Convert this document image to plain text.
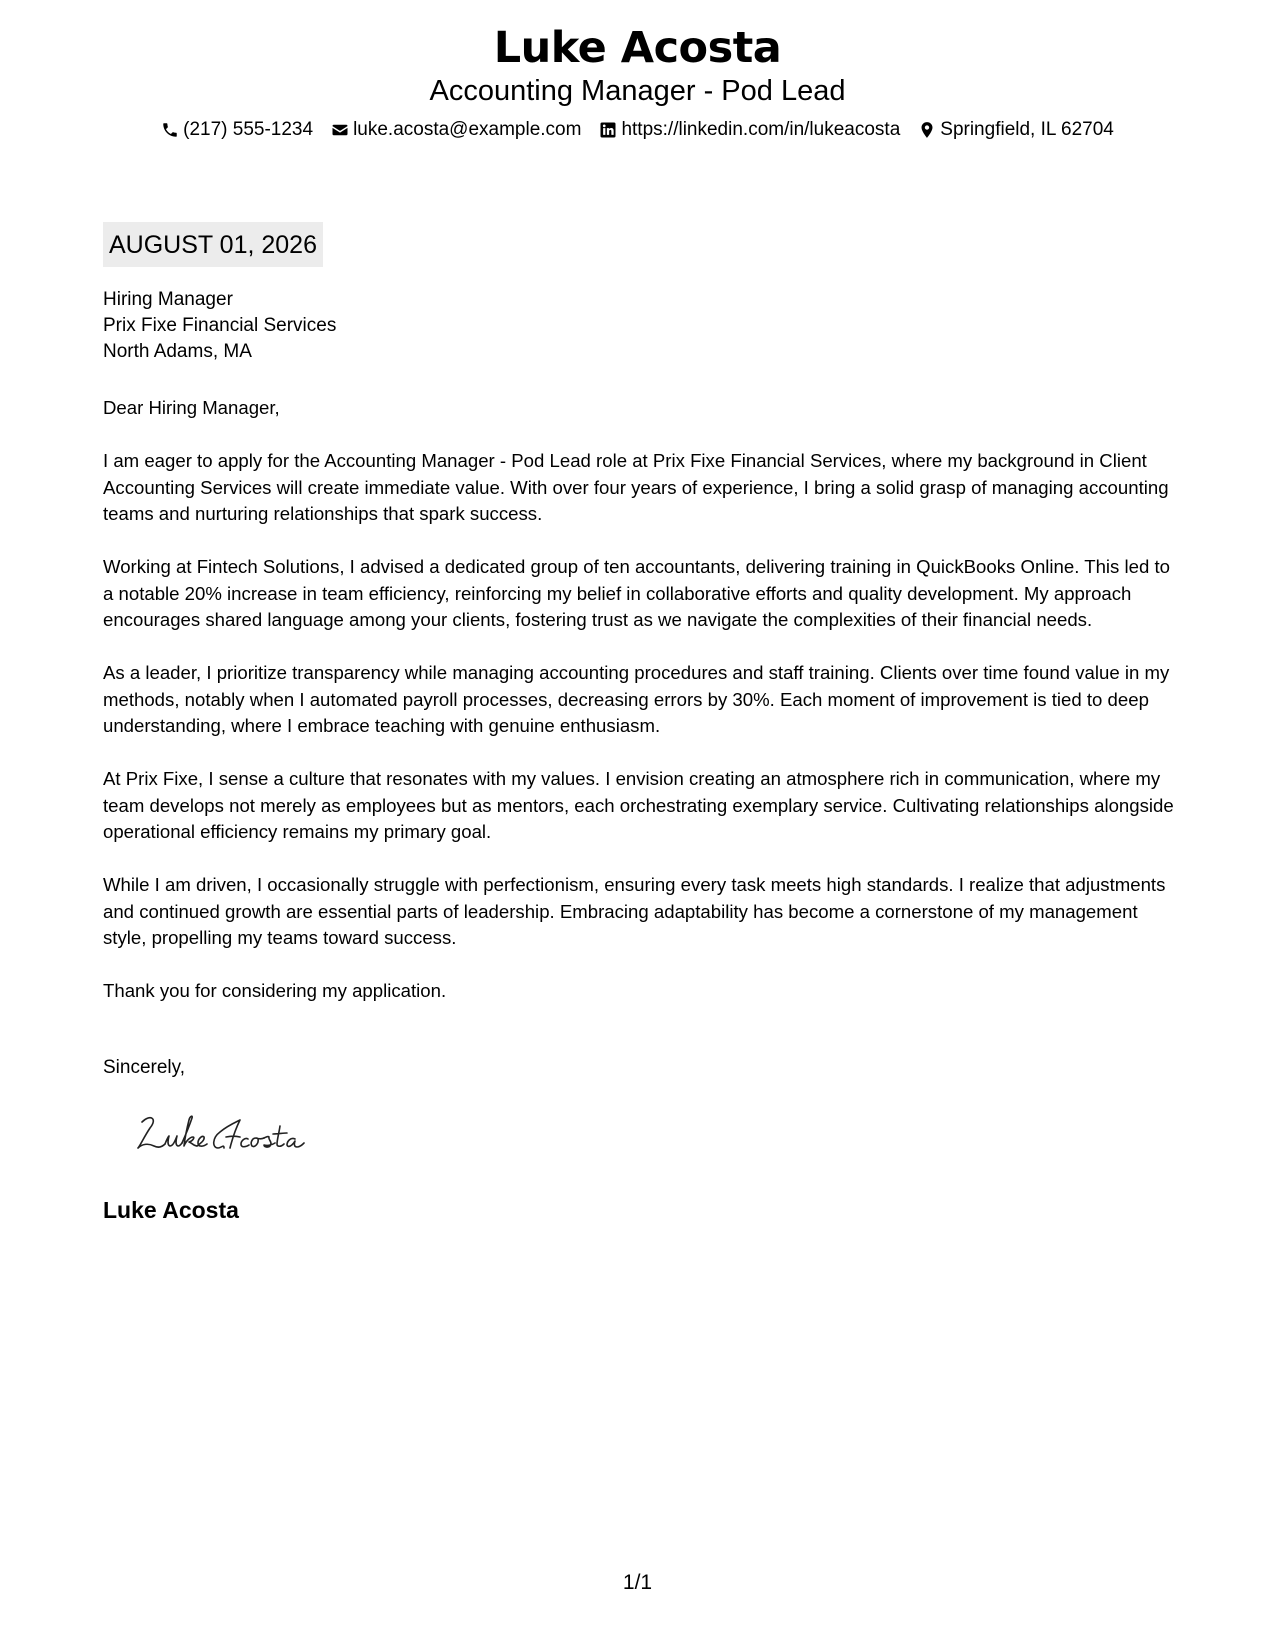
Luke Acosta
Accounting Manager - Pod Lead
(217) 555-1234 luke.acosta@example.com https://linkedin.com/in/lukeacosta Springfield, IL 62704
AUGUST 01, 2026
Hiring Manager
Prix Fixe Financial Services
North Adams, MA

Dear Hiring Manager,

I am eager to apply for the Accounting Manager - Pod Lead role at Prix Fixe Financial Services, where my background in Client Accounting Services will create immediate value. With over four years of experience, I bring a solid grasp of managing accounting teams and nurturing relationships that spark success.

Working at Fintech Solutions, I advised a dedicated group of ten accountants, delivering training in QuickBooks Online. This led to a notable 20% increase in team efficiency, reinforcing my belief in collaborative efforts and quality development. My approach encourages shared language among your clients, fostering trust as we navigate the complexities of their financial needs.

As a leader, I prioritize transparency while managing accounting procedures and staff training. Clients over time found value in my methods, notably when I automated payroll processes, decreasing errors by 30%. Each moment of improvement is tied to deep understanding, where I embrace teaching with genuine enthusiasm.

At Prix Fixe, I sense a culture that resonates with my values. I envision creating an atmosphere rich in communication, where my team develops not merely as employees but as mentors, each orchestrating exemplary service. Cultivating relationships alongside operational efficiency remains my primary goal.

While I am driven, I occasionally struggle with perfectionism, ensuring every task meets high standards. I realize that adjustments and continued growth are essential parts of leadership. Embracing adaptability has become a cornerstone of my management style, propelling my teams toward success.

Thank you for considering my application.

Sincerely,
Luke Acosta
1/1
